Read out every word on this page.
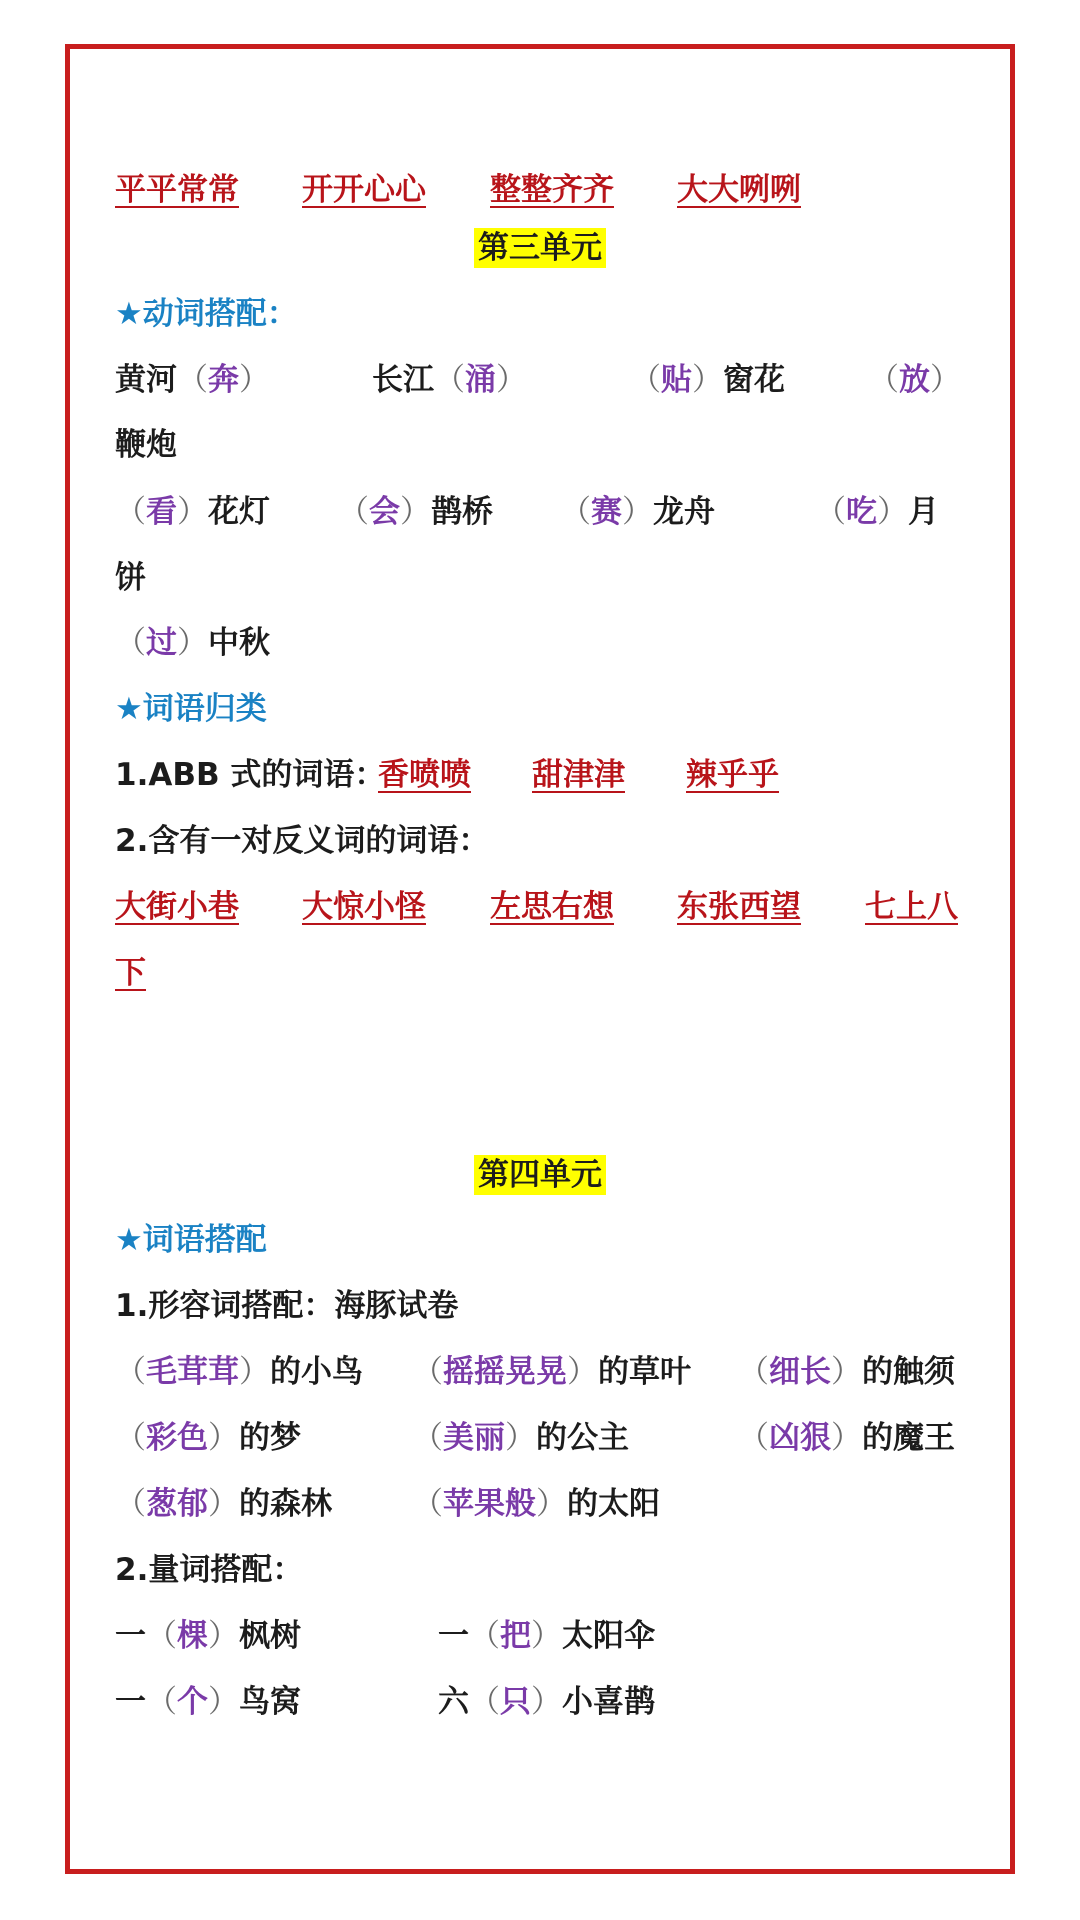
平平常常 开开心心 整整齐齐 大大咧咧
第三单元
★动词搭配：
黄河（奔）	长江（涌）	（贴）窗花	（放）
鞭炮
（看）花灯 （会）鹊桥 （赛）龙舟	（吃）月
饼
（过）中秋
★词语归类
1.ABB 式的词语：
香喷喷 甜津津 辣乎乎
2.含有一对反义词的词语：
大街小巷 大惊小怪 左思右想 东张西望 七上八
下
第四单元
★词语搭配
1.形容词搭配：海豚试卷
（毛茸茸）的小鸟 （摇摇晃晃）的草叶 （细长）的触须
（彩色）的梦	（美丽）的公主	（凶狠）的魔王
（葱郁）的森林	（苹果般）的太阳
2.量词搭配：
一（棵）枫树	一（把）太阳伞
一（个）鸟窝	六（只）小喜鹊
